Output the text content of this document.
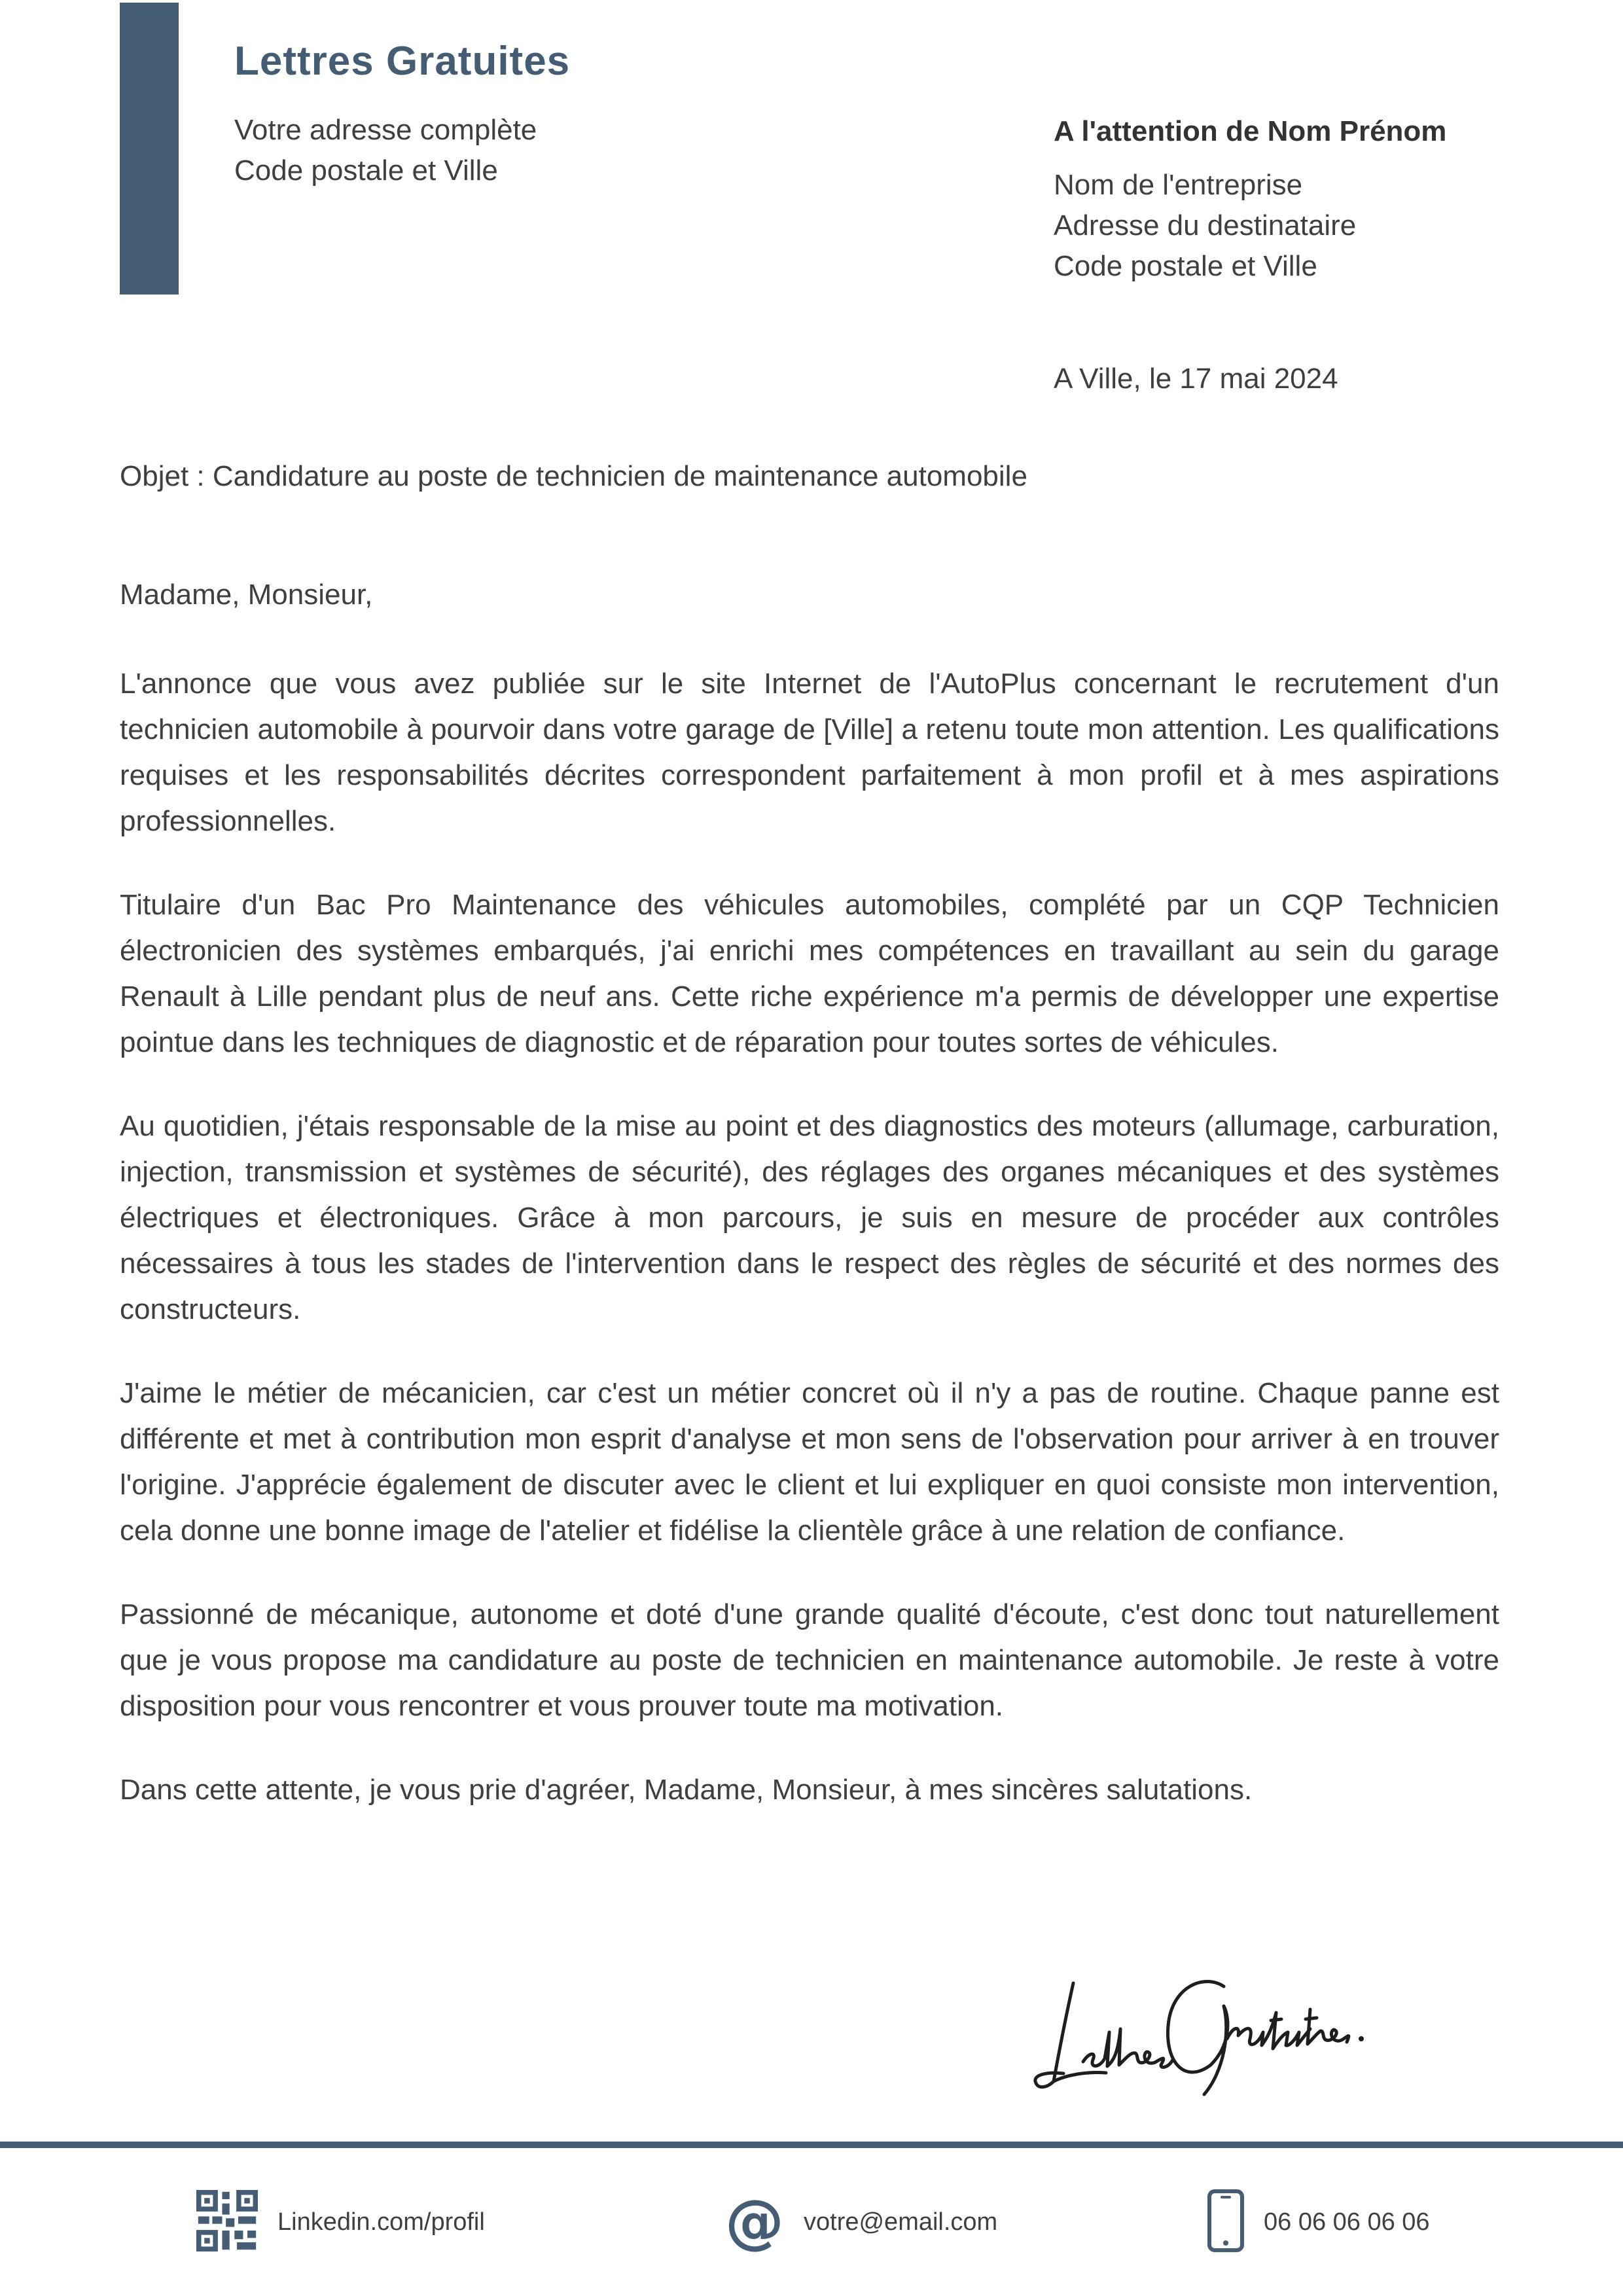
Lettres Gratuites
Votre adresse complète
Code postale et Ville
A l'attention de Nom Prénom
Nom de l'entreprise
Adresse du destinataire
Code postale et Ville
A Ville, le 17 mai 2024
Objet : Candidature au poste de technicien de maintenance automobile
Madame, Monsieur,

L'annonce que vous avez publiée sur le site Internet de l'AutoPlus concernant le recrutement d'un technicien automobile à pourvoir dans votre garage de [Ville] a retenu toute mon attention. Les qualifications requises et les responsabilités décrites correspondent parfaitement à mon profil et à mes aspirations professionnelles.

Titulaire d'un Bac Pro Maintenance des véhicules automobiles, complété par un CQP Technicien électronicien des systèmes embarqués, j'ai enrichi mes compétences en travaillant au sein du garage Renault à Lille pendant plus de neuf ans. Cette riche expérience m'a permis de développer une expertise pointue dans les techniques de diagnostic et de réparation pour toutes sortes de véhicules.

Au quotidien, j'étais responsable de la mise au point et des diagnostics des moteurs (allumage, carburation, injection, transmission et systèmes de sécurité), des réglages des organes mécaniques et des systèmes électriques et électroniques. Grâce à mon parcours, je suis en mesure de procéder aux contrôles nécessaires à tous les stades de l'intervention dans le respect des règles de sécurité et des normes des constructeurs.

J'aime le métier de mécanicien, car c'est un métier concret où il n'y a pas de routine. Chaque panne est différente et met à contribution mon esprit d'analyse et mon sens de l'observation pour arriver à en trouver l'origine. J'apprécie également de discuter avec le client et lui expliquer en quoi consiste mon intervention, cela donne une bonne image de l'atelier et fidélise la clientèle grâce à une relation de confiance.

Passionné de mécanique, autonome et doté d'une grande qualité d'écoute, c'est donc tout naturellement que je vous propose ma candidature au poste de technicien en maintenance automobile. Je reste à votre disposition pour vous rencontrer et vous prouver toute ma motivation.

Dans cette attente, je vous prie d'agréer, Madame, Monsieur, à mes sincères salutations.

Linkedin.com/profil	@ votre@email.com	06 06 06 06 06
